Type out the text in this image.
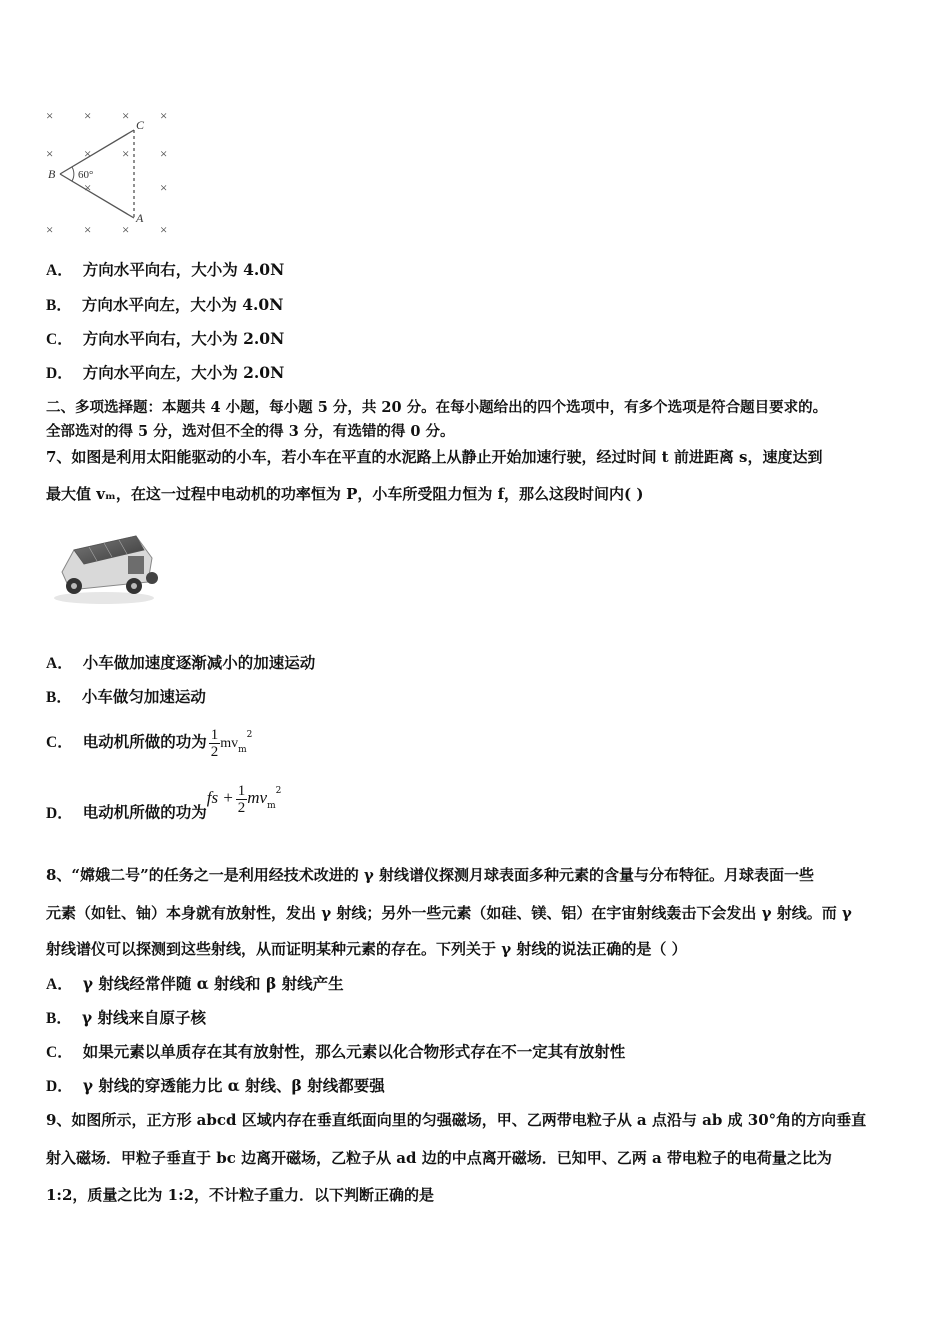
× × × ×
× × × ×
×	×
× × × ×
C
B
A
60°
A． 方向水平向右，大小为 4.0N
B． 方向水平向左，大小为 4.0N
C． 方向水平向右，大小为 2.0N
D． 方向水平向左，大小为 2.0N
二、多项选择题：本题共 4 小题，每小题 5 分，共 20 分。在每小题给出的四个选项中，有多个选项是符合题目要求的。
全部选对的得 5 分，选对但不全的得 3 分，有选错的得 0 分。
7、如图是利用太阳能驱动的小车，若小车在平直的水泥路上从静止开始加速行驶，经过时间 t 前进距离 s，速度达到
最大值 vₘ，在这一过程中电动机的功率恒为 P，小车所受阻力恒为 f，那么这段时间内( )
A． 小车做加速度逐渐减小的加速运动
B． 小车做匀加速运动
C． 电动机所做的功为 $\frac{1}{2} mv_m^2$
D． 电动机所做的功为fs + $\frac{1}{2} mv_m^2$
8、“嫦娥二号”的任务之一是利用经技术改进的 γ 射线谱仪探测月球表面多种元素的含量与分布特征。月球表面一些
元素（如钍、铀）本身就有放射性，发出 γ 射线；另外一些元素（如硅、镁、铝）在宇宙射线轰击下会发出 γ 射线。而 γ
射线谱仪可以探测到这些射线，从而证明某种元素的存在。下列关于 γ 射线的说法正确的是（ ）
A． γ 射线经常伴随 α 射线和 β 射线产生
B． γ 射线来自原子核
C． 如果元素以单质存在其有放射性，那么元素以化合物形式存在不一定其有放射性
D． γ 射线的穿透能力比 α 射线、β 射线都要强
9、如图所示，正方形 abcd 区域内存在垂直纸面向里的匀强磁场，甲、乙两带电粒子从 a 点沿与 ab 成 30°角的方向垂直
射入磁场．甲粒子垂直于 bc 边离开磁场，乙粒子从 ad 边的中点离开磁场．已知甲、乙两 a 带电粒子的电荷量之比为
1:2，质量之比为 1:2，不计粒子重力．以下判断正确的是
